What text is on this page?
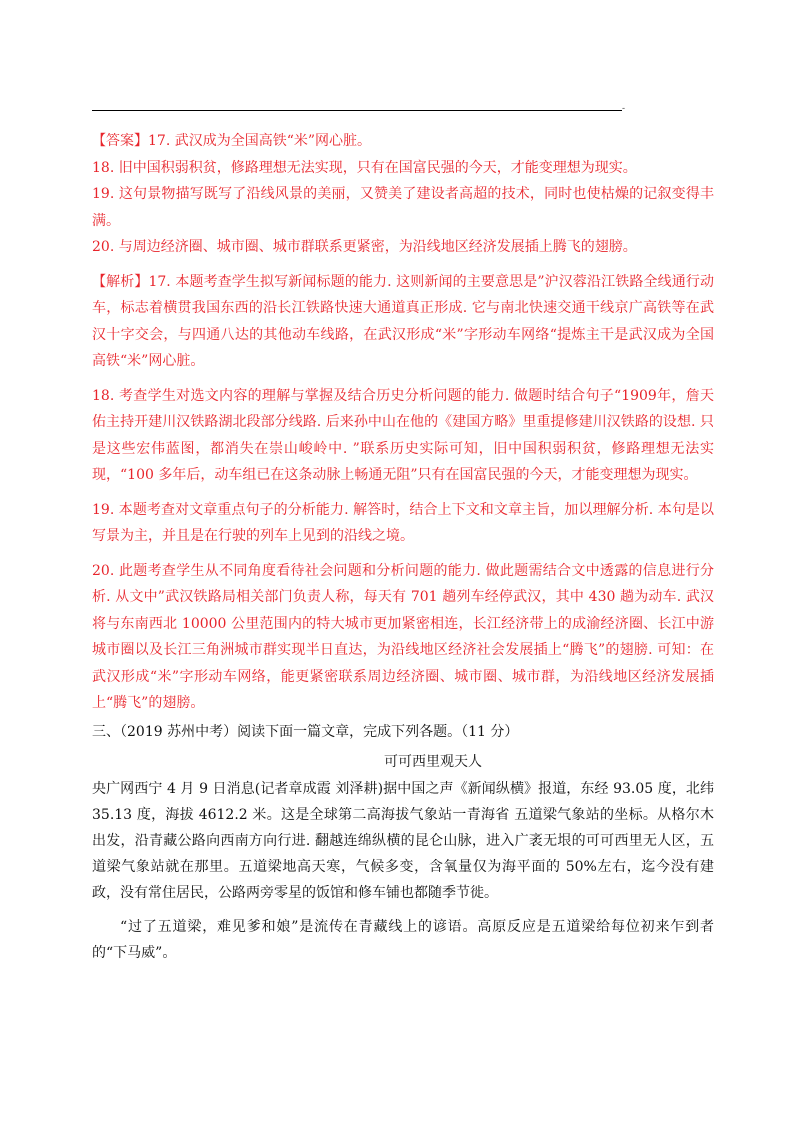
-

【答案】17. 武汉成为全国高铁“米”网心脏。

18. 旧中国积弱积贫，修路理想无法实现，只有在国富民强的今天，才能变理想为现实。

19. 这句景物描写既写了沿线风景的美丽，又赞美了建设者高超的技术，同时也使枯燥的记叙变得丰满。

20. 与周边经济圈、城市圈、城市群联系更紧密，为沿线地区经济发展插上腾飞的翅膀。

【解析】17. 本题考查学生拟写新闻标题的能力. 这则新闻的主要意思是”沪汉蓉沿江铁路全线通行动车，标志着横贯我国东西的沿长江铁路快速大通道真正形成. 它与南北快速交通干线京广高铁等在武汉十字交会，与四通八达的其他动车线路，在武汉形成“米”字形动车网络“提炼主干是武汉成为全国高铁“米”网心脏。

18. 考查学生对选文内容的理解与掌握及结合历史分析问题的能力. 做题时结合句子“1909年，詹天佑主持开建川汉铁路湖北段部分线路. 后来孙中山在他的《建国方略》里重提修建川汉铁路的设想. 只是这些宏伟蓝图，都消失在崇山峻岭中. ”联系历史实际可知，旧中国积弱积贫，修路理想无法实现，“100 多年后，动车组已在这条动脉上畅通无阻”只有在国富民强的今天，才能变理想为现实。

19. 本题考查对文章重点句子的分析能力. 解答时，结合上下文和文章主旨，加以理解分析. 本句是以写景为主，并且是在行驶的列车上见到的沿线之境。

20. 此题考查学生从不同角度看待社会问题和分析问题的能力. 做此题需结合文中透露的信息进行分析. 从文中”武汉铁路局相关部门负责人称，每天有 701 趟列车经停武汉，其中 430 趟为动车. 武汉将与东南西北 10000 公里范围内的特大城市更加紧密相连，长江经济带上的成渝经济圈、长江中游城市圈以及长江三角洲城市群实现半日直达，为沿线地区经济社会发展插上“腾飞”的翅膀. 可知：在武汉形成“米”字形动车网络，能更紧密联系周边经济圈、城市圈、城市群，为沿线地区经济发展插上“腾飞”的翅膀。

三、（2019 苏州中考）阅读下面一篇文章，完成下列各题。（11 分）

可可西里观天人

央广网西宁 4 月 9 日消息(记者章成霞 刘泽耕)据中国之声《新闻纵横》报道，东经 93.05 度，北纬 35.13 度，海拔 4612.2 米。这是全球第二高海拔气象站一青海省 五道梁气象站的坐标。从格尔木出发，沿青藏公路向西南方向行进. 翻越连绵纵横的昆仑山脉，进入广袤无垠的可可西里无人区，五道梁气象站就在那里。五道梁地高天寒，气候多变，含氧量仅为海平面的 50%左右，迄今没有建政，没有常住居民，公路两旁零星的饭馆和修车铺也都随季节徙。

“过了五道梁，难见爹和娘”是流传在青藏线上的谚语。高原反应是五道梁给每位初来乍到者的“下马威”。
